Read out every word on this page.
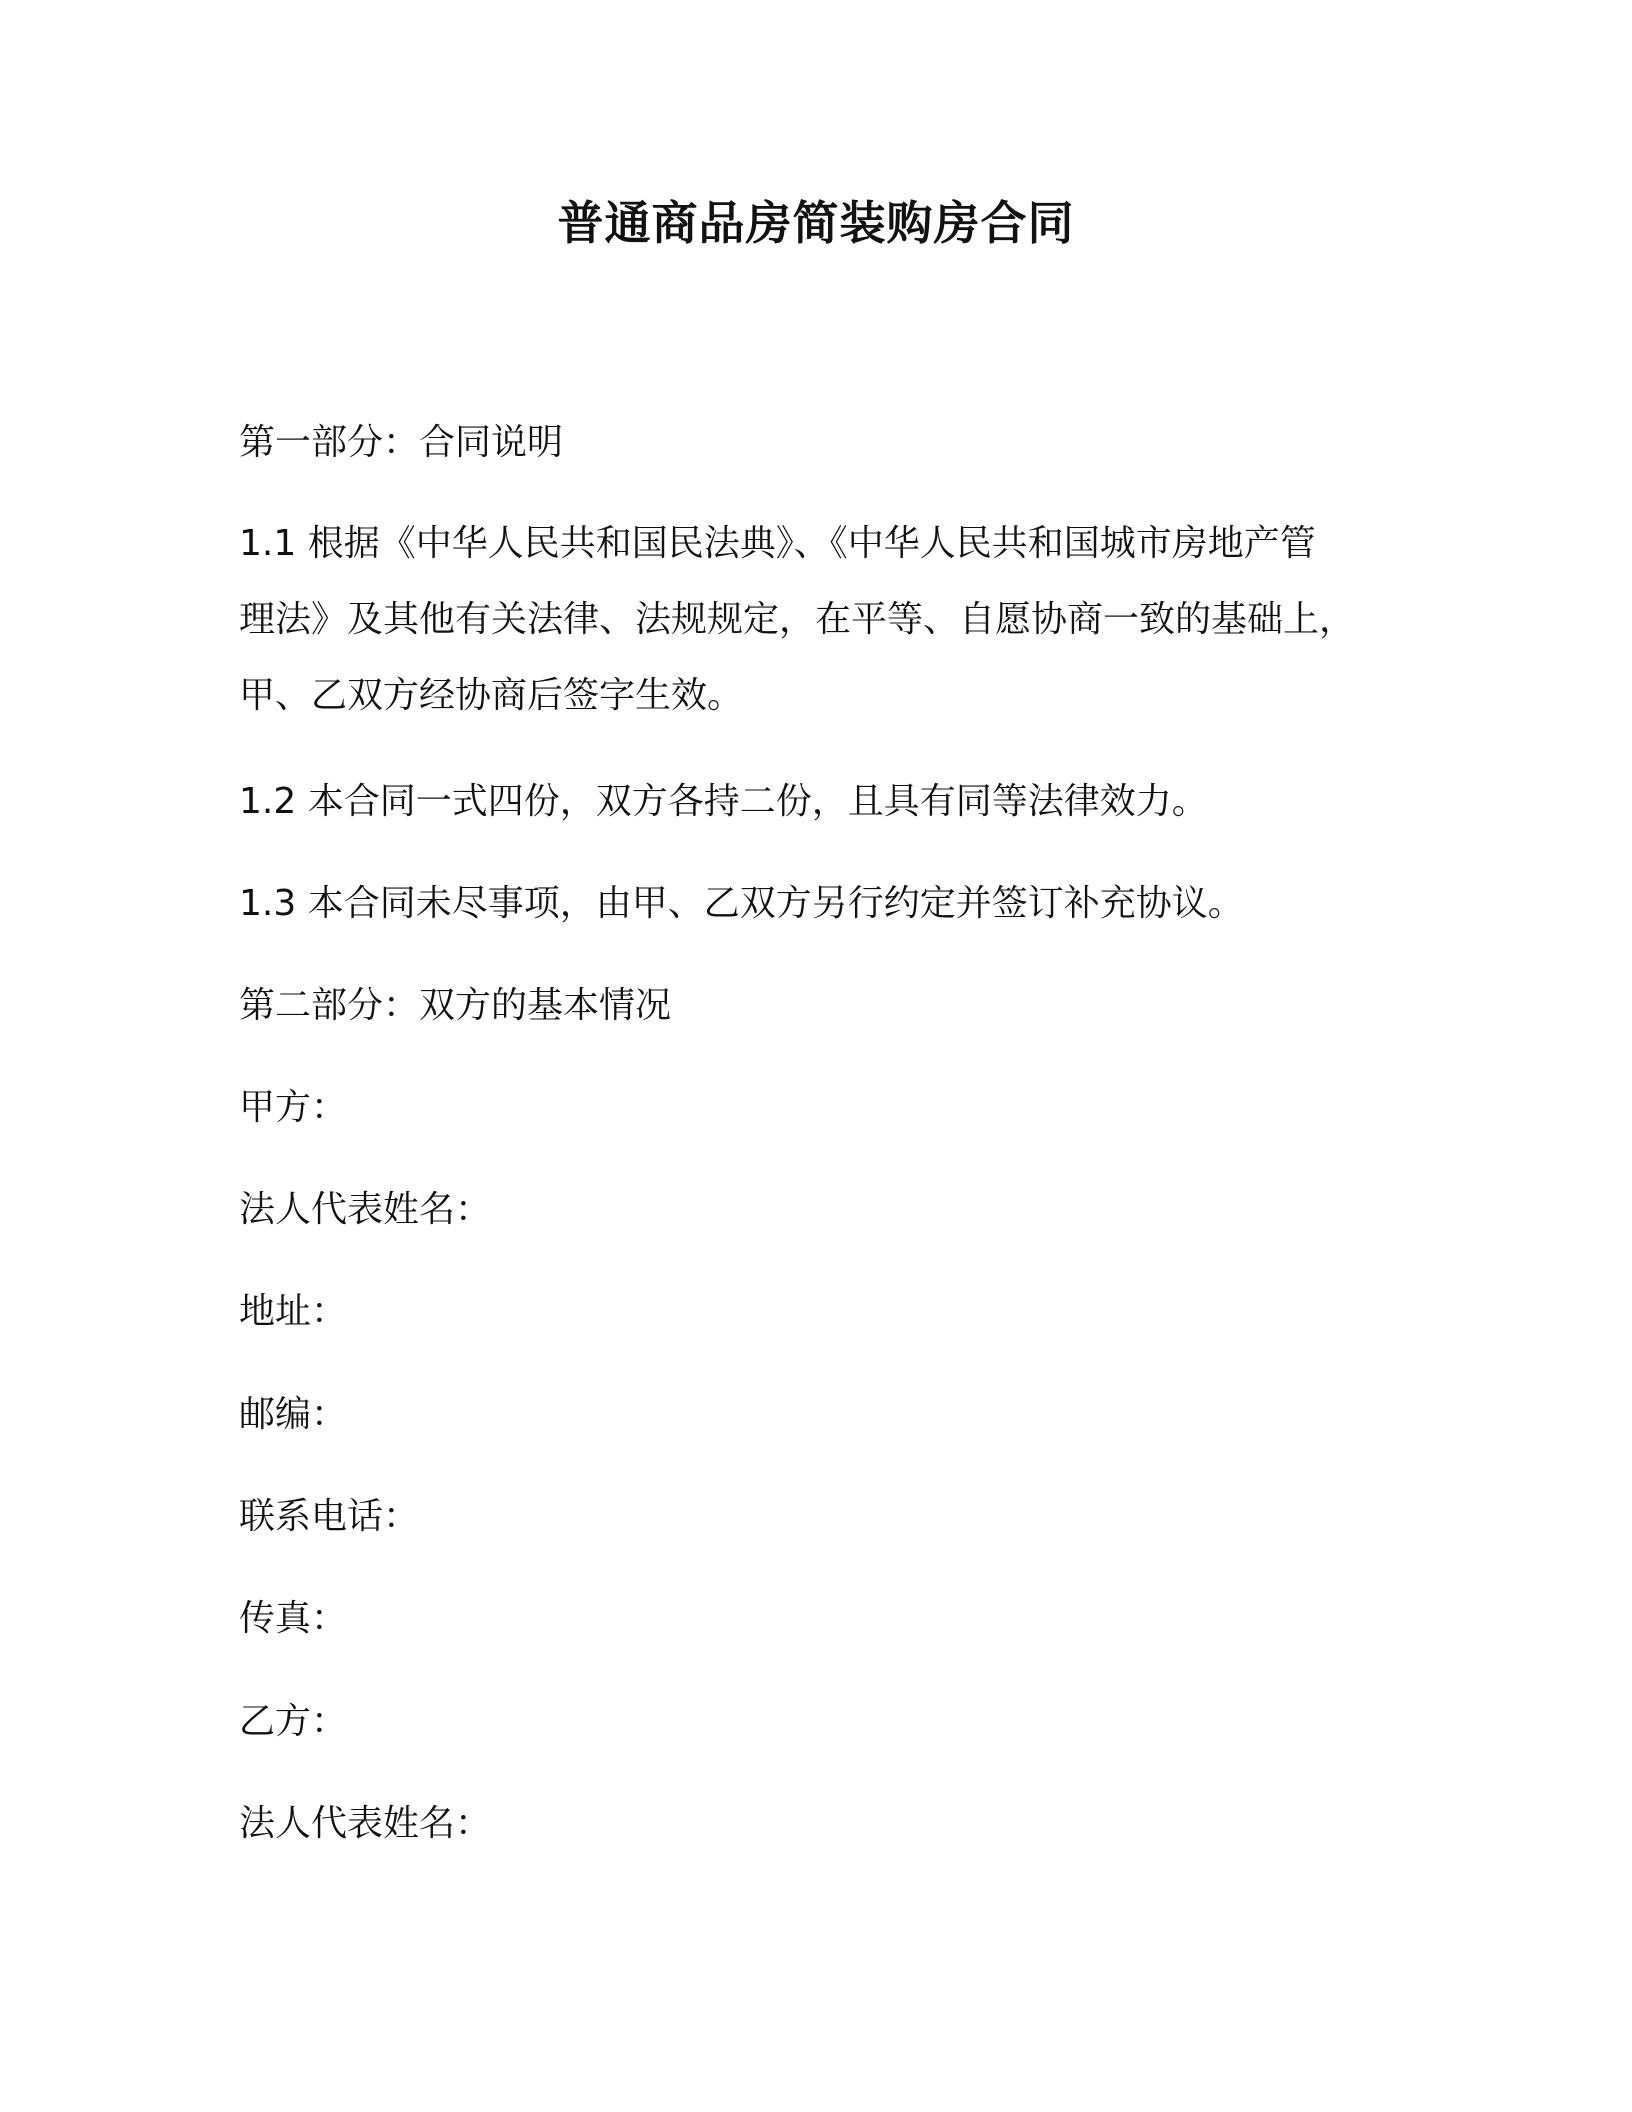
普通商品房简装购房合同
第一部分：合同说明
1.1 根据《中华人民共和国民法典》、《中华人民共和国城市房地产管
理法》及其他有关法律、法规规定，在平等、自愿协商一致的基础上，
甲、乙双方经协商后签字生效。
1.2 本合同一式四份，双方各持二份，且具有同等法律效力。
1.3 本合同未尽事项，由甲、乙双方另行约定并签订补充协议。
第二部分：双方的基本情况
甲方：
法人代表姓名：
地址：
邮编：
联系电话：
传真：
乙方：
法人代表姓名：
